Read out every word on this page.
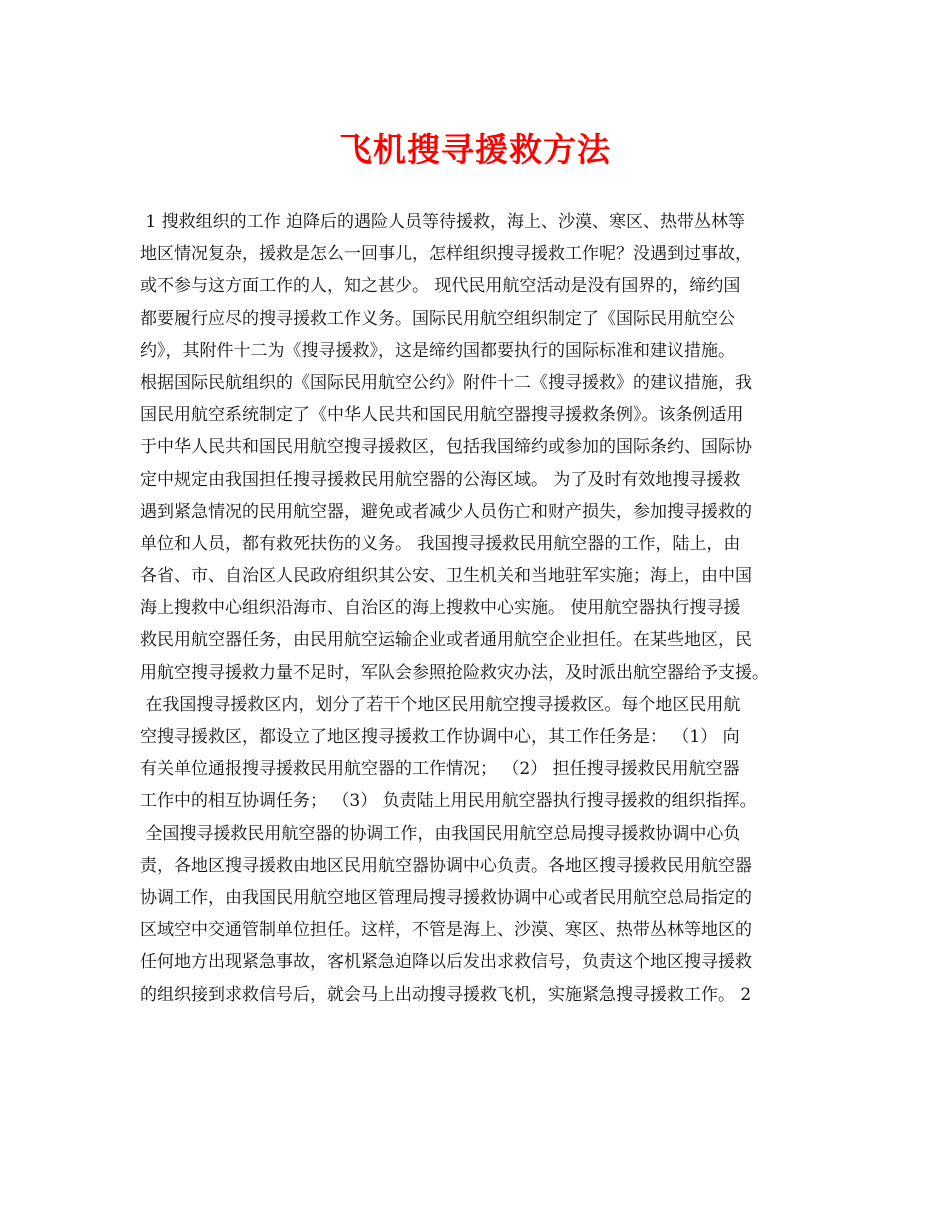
飞机搜寻援救方法
1 搜救组织的工作 迫降后的遇险人员等待援救，海上、沙漠、寒区、热带丛林等
地区情况复杂，援救是怎么一回事儿，怎样组织搜寻援救工作呢？没遇到过事故，
或不参与这方面工作的人，知之甚少。 现代民用航空活动是没有国界的，缔约国
都要履行应尽的搜寻援救工作义务。国际民用航空组织制定了《国际民用航空公
约》，其附件十二为《搜寻援救》，这是缔约国都要执行的国际标准和建议措施。
根据国际民航组织的《国际民用航空公约》附件十二《搜寻援救》的建议措施，我
国民用航空系统制定了《中华人民共和国民用航空器搜寻援救条例》。该条例适用
于中华人民共和国民用航空搜寻援救区，包括我国缔约或参加的国际条约、国际协
定中规定由我国担任搜寻援救民用航空器的公海区域。 为了及时有效地搜寻援救
遇到紧急情况的民用航空器，避免或者减少人员伤亡和财产损失，参加搜寻援救的
单位和人员，都有救死扶伤的义务。 我国搜寻援救民用航空器的工作，陆上，由
各省、市、自治区人民政府组织其公安、卫生机关和当地驻军实施；海上，由中国
海上搜救中心组织沿海市、自治区的海上搜救中心实施。 使用航空器执行搜寻援
救民用航空器任务，由民用航空运输企业或者通用航空企业担任。在某些地区，民
用航空搜寻援救力量不足时，军队会参照抢险救灾办法，及时派出航空器给予支援。
在我国搜寻援救区内，划分了若干个地区民用航空搜寻援救区。每个地区民用航
空搜寻援救区，都设立了地区搜寻援救工作协调中心，其工作任务是： （1） 向
有关单位通报搜寻援救民用航空器的工作情况； （2） 担任搜寻援救民用航空器
工作中的相互协调任务； （3） 负责陆上用民用航空器执行搜寻援救的组织指挥。
全国搜寻援救民用航空器的协调工作，由我国民用航空总局搜寻援救协调中心负
责，各地区搜寻援救由地区民用航空器协调中心负责。各地区搜寻援救民用航空器
协调工作，由我国民用航空地区管理局搜寻援救协调中心或者民用航空总局指定的
区域空中交通管制单位担任。这样，不管是海上、沙漠、寒区、热带丛林等地区的
任何地方出现紧急事故，客机紧急迫降以后发出求救信号，负责这个地区搜寻援救
的组织接到求救信号后，就会马上出动搜寻援救飞机，实施紧急搜寻援救工作。 2
